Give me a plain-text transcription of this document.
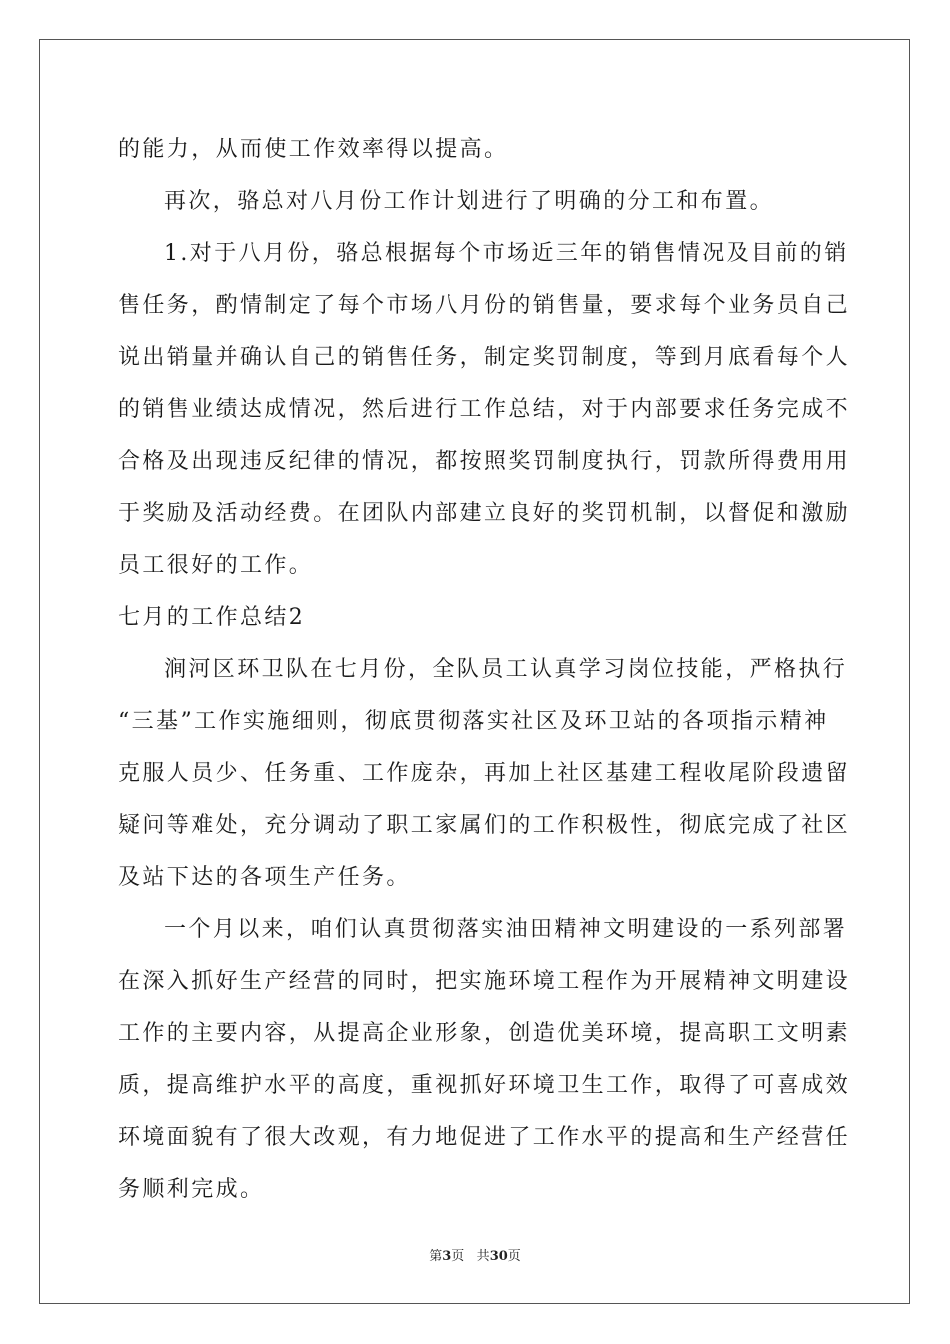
的能力，从而使工作效率得以提高。
再次，骆总对八月份工作计划进行了明确的分工和布置。
1.对于八月份，骆总根据每个市场近三年的销售情况及目前的销
售任务，酌情制定了每个市场八月份的销售量，要求每个业务员自己
说出销量并确认自己的销售任务，制定奖罚制度，等到月底看每个人
的销售业绩达成情况，然后进行工作总结，对于内部要求任务完成不
合格及出现违反纪律的情况，都按照奖罚制度执行，罚款所得费用用
于奖励及活动经费。在团队内部建立良好的奖罚机制，以督促和激励
员工很好的工作。
七月的工作总结2
涧河区环卫队在七月份，全队员工认真学习岗位技能，严格执行
“三基”工作实施细则，彻底贯彻落实社区及环卫站的各项指示精神
克服人员少、任务重、工作庞杂，再加上社区基建工程收尾阶段遗留
疑问等难处，充分调动了职工家属们的工作积极性，彻底完成了社区
及站下达的各项生产任务。
一个月以来，咱们认真贯彻落实油田精神文明建设的一系列部署
在深入抓好生产经营的同时，把实施环境工程作为开展精神文明建设
工作的主要内容，从提高企业形象，创造优美环境，提高职工文明素
质，提高维护水平的高度，重视抓好环境卫生工作，取得了可喜成效
环境面貌有了很大改观，有力地促进了工作水平的提高和生产经营任
务顺利完成。
第3页 共30页
